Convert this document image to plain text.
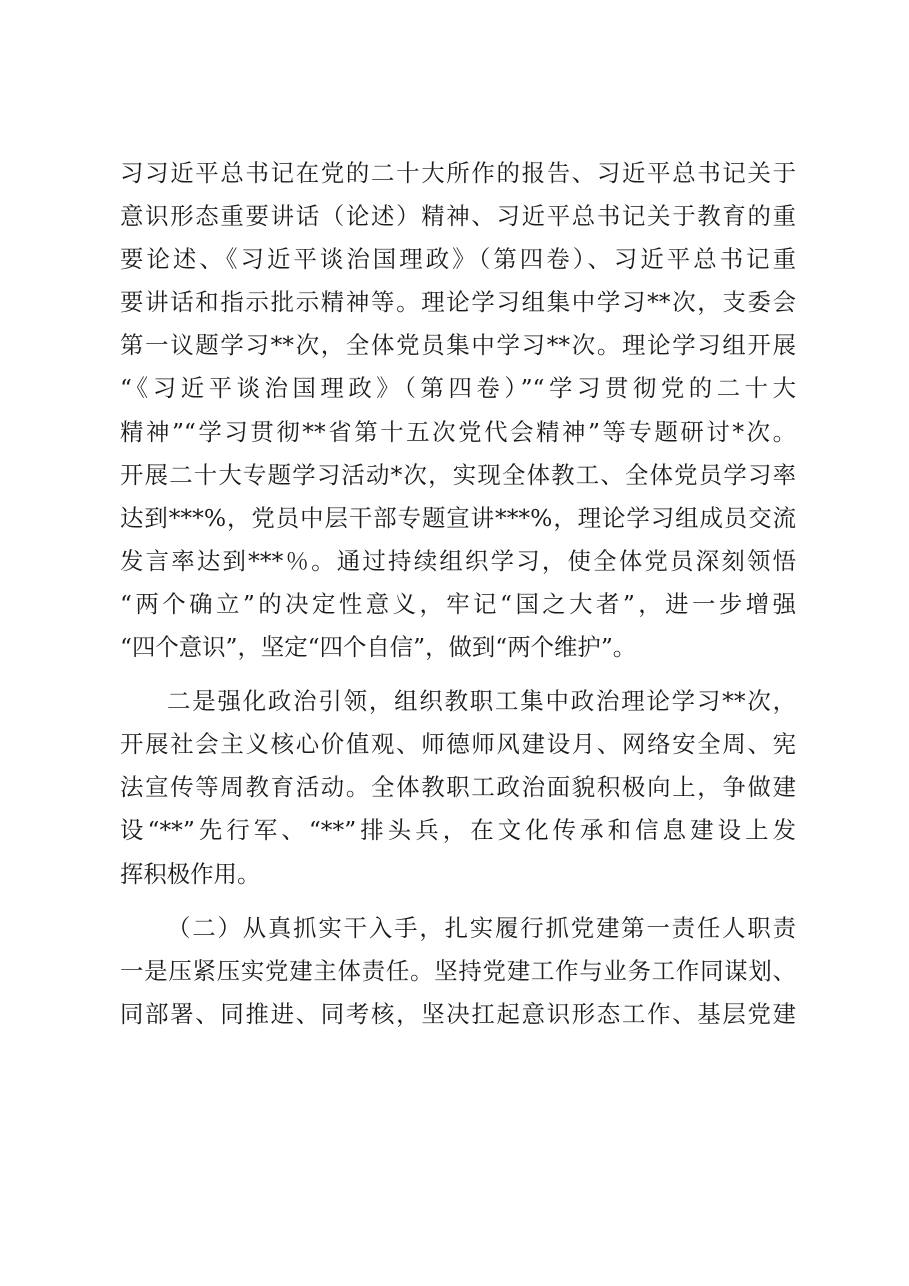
习习近平总书记在党的二十大所作的报告、习近平总书记关于
意识形态重要讲话（论述）精神、习近平总书记关于教育的重
要论述、《习近平谈治国理政》（第四卷）、习近平总书记重
要讲话和指示批示精神等。理论学习组集中学习**次，支委会
第一议题学习**次，全体党员集中学习**次。理论学习组开展
“《习近平谈治国理政》（第四卷）”“学习贯彻党的二十大
精神”“学习贯彻**省第十五次党代会精神”等专题研讨*次。
开展二十大专题学习活动*次，实现全体教工、全体党员学习率
达到***%，党员中层干部专题宣讲***%，理论学习组成员交流
发言率达到***％。通过持续组织学习，使全体党员深刻领悟
“两个确立”的决定性意义，牢记“国之大者”，进一步增强
“四个意识”，坚定“四个自信”，做到“两个维护”。
二是强化政治引领，组织教职工集中政治理论学习**次，
开展社会主义核心价值观、师德师风建设月、网络安全周、宪
法宣传等周教育活动。全体教职工政治面貌积极向上，争做建
设“**”先行军、“**”排头兵，在文化传承和信息建设上发
挥积极作用。
（二）从真抓实干入手，扎实履行抓党建第一责任人职责
一是压紧压实党建主体责任。坚持党建工作与业务工作同谋划、
同部署、同推进、同考核，坚决扛起意识形态工作、基层党建
